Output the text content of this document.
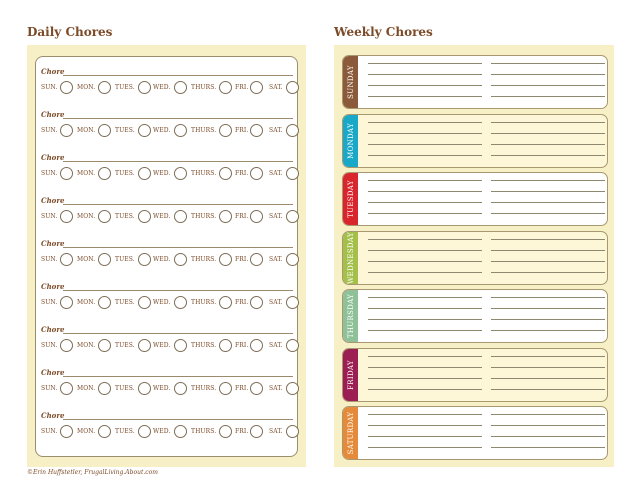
Daily Chores	Weekly Chores
Chore
SUN.	MON.	TUES.	WED.	THURS.	FRI.	SAT.
Chore
SUN.	MON.	TUES.	WED.	THURS.	FRI.	SAT.
Chore
SUN.	MON.	TUES.	WED.	THURS.	FRI.	SAT.
Chore
SUN.	MON.	TUES.	WED.	THURS.	FRI.	SAT.
Chore
SUN.	MON.	TUES.	WED.	THURS.	FRI.	SAT.
Chore
SUN.	MON.	TUES.	WED.	THURS.	FRI.	SAT.
Chore
SUN.	MON.	TUES.	WED.	THURS.	FRI.	SAT.
Chore
SUN.	MON.	TUES.	WED.	THURS.	FRI.	SAT.
Chore
SUN.	MON.	TUES.	WED.	THURS.	FRI.	SAT.
SUNDAY
MONDAY
TUESDAY
WEDNESDAY
THURSDAY
FRIDAY
SATURDAY
©Erin Huffstetler, FrugalLiving.About.com
